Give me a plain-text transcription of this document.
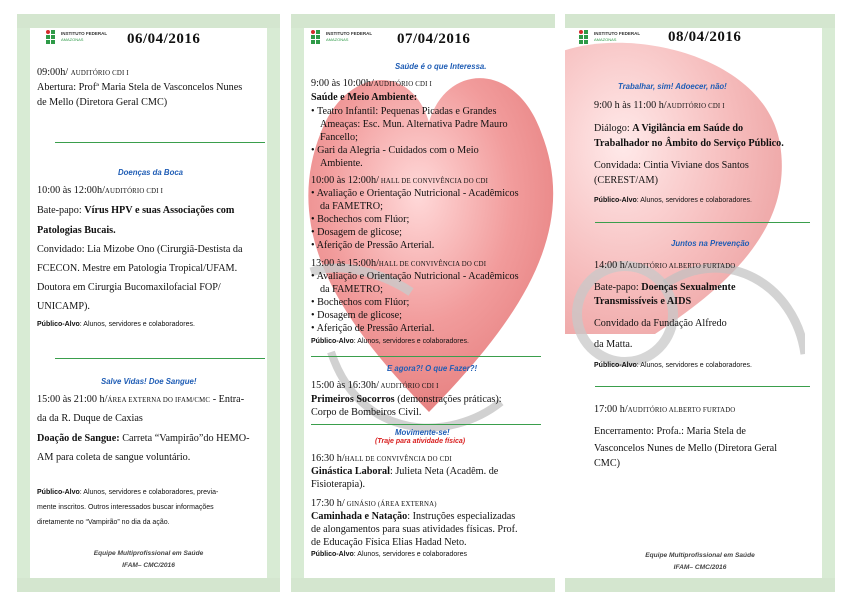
INSTITUTO FEDERAL
AMAZONAS	06/04/2016
09:00h/ AUDITÓRIO CDI I
Abertura: Profª Maria Stela de Vasconcelos Nunes
de Mello (Diretora Geral CMC)
Doenças da Boca
10:00 às 12:00h/AUDITÓRIO CDI I
Bate-papo: Vírus HPV e suas Associações com
Patologias Bucais.
Convidado: Lia Mizobe Ono (Cirurgiã-Destista da
FCECON. Mestre em Patologia Tropical/UFAM.
Doutora em Cirurgia Bucomaxilofacial FOP/
UNICAMP).
Público-Alvo: Alunos, servidores e colaboradores.
Salve Vidas! Doe Sangue!
15:00 às 21:00 h/ÁREA EXTERNA DO IFAM/CMC - Entra-
da da R. Duque de Caxias
Doação de Sangue: Carreta “Vampirão”do HEMO-
AM para coleta de sangue voluntário.
Público-Alvo: Alunos, servidores e colaboradores, previa-
mente inscritos. Outros interessados buscar informações
diretamente no “Vampirão” no dia da ação.
Equipe Multiprofissional em Saúde
IFAM– CMC/2016
INSTITUTO FEDERAL
AMAZONAS	07/04/2016
Saúde é o que Interessa.
9:00 às 10:00h/AUDITÓRIO CDI I
Saúde e Meio Ambiente:
• Teatro Infantil: Pequenas Picadas e Grandes
Ameaças: Esc. Mun. Alternativa Padre Mauro
Fancello;
• Gari da Alegria - Cuidados com o Meio
Ambiente.
10:00 às 12:00h/ HALL DE CONVIVÊNCIA DO CDI
• Avaliação e Orientação Nutricional - Acadêmicos
da FAMETRO;
• Bochechos com Flúor;
• Dosagem de glicose;
• Aferição de Pressão Arterial.
13:00 às 15:00h/HALL DE CONVIVÊNCIA DO CDI
• Avaliação e Orientação Nutricional - Acadêmicos
da FAMETRO;
• Bochechos com Flúor;
• Dosagem de glicose;
• Aferição de Pressão Arterial.
Público-Alvo: Alunos, servidores e colaboradores.
E agora?! O que Fazer?!
15:00 às 16:30h/ AUDITÓRIO CDI I
Primeiros Socorros (demonstrações práticas):
Corpo de Bombeiros Civil.
Movimente-se!
(Traje para atividade física)
16:30 h/HALL DE CONVIVÊNCIA DO CDI
Ginástica Laboral: Julieta Neta (Acadêm. de
Fisioterapia).
17:30 h/ GINÁSIO (ÁREA EXTERNA)
Caminhada e Natação: Instruções especializadas
de alongamentos para suas atividades físicas. Prof.
de Educação Física Elias Hadad Neto.
Público-Alvo: Alunos, servidores e colaboradores
INSTITUTO FEDERAL
AMAZONAS	08/04/2016
Trabalhar, sim! Adoecer, não!
9:00 h às 11:00 h/AUDITÓRIO CDI I
Diálogo: A Vigilância em Saúde do
Trabalhador no Âmbito do Serviço Público.
Convidada: Cintia Viviane dos Santos
(CEREST/AM)
Público-Alvo: Alunos, servidores e colaboradores.
Juntos na Prevenção
14:00 h/AUDITÓRIO ALBERTO FURTADO
Bate-papo: Doenças Sexualmente
Transmissíveis e AIDS
Convidado da Fundação Alfredo
da Matta.
Público-Alvo: Alunos, servidores e colaboradores.
17:00 h/AUDITÓRIO ALBERTO FURTADO
Encerramento: Profa.: Maria Stela de
Vasconcelos Nunes de Mello (Diretora Geral
CMC)
Equipe Multiprofissional em Saúde
IFAM– CMC/2016
